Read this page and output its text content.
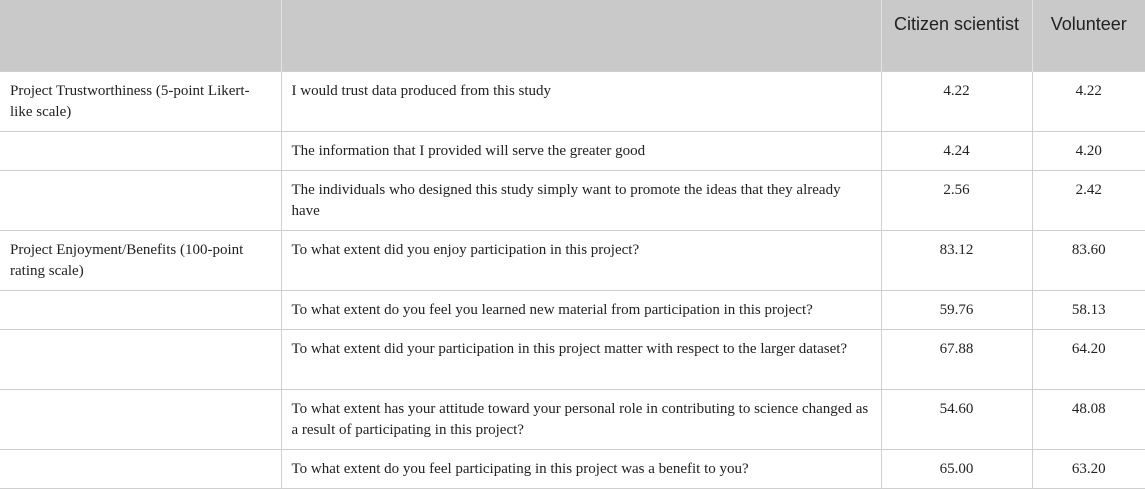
		Citizen scientist	Volunteer
Project Trustworthiness (5-point Likert-like scale)	I would trust data produced from this study	4.22	4.22
	The information that I provided will serve the greater good	4.24	4.20
	The individuals who designed this study simply want to promote the ideas that they already have	2.56	2.42
Project Enjoyment/Benefits (100-point rating scale)	To what extent did you enjoy participation in this project?	83.12	83.60
	To what extent do you feel you learned new material from participation in this project?	59.76	58.13
	To what extent did your participation in this project matter with respect to the larger dataset?	67.88	64.20
	To what extent has your attitude toward your personal role in contributing to science changed as a result of participating in this project?	54.60	48.08
	To what extent do you feel participating in this project was a benefit to you?	65.00	63.20
